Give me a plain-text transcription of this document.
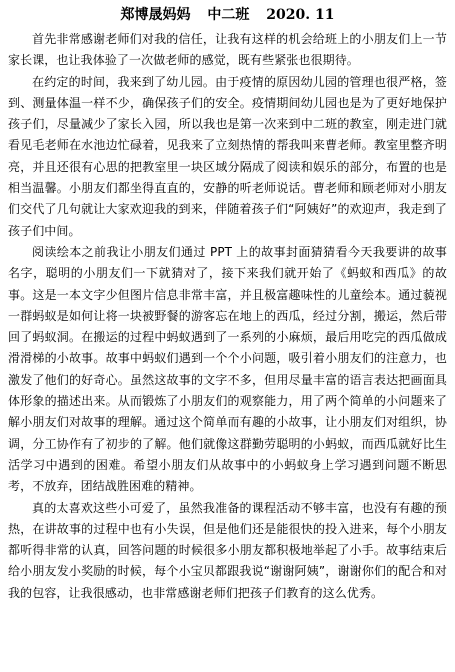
郑博晟妈妈 中二班 2020. 11

首先非常感谢老师们对我的信任，让我有这样的机会给班上的小朋友们上一节家长课，也让我体验了一次做老师的感觉，既有些紧张也很期待。

在约定的时间，我来到了幼儿园。由于疫情的原因幼儿园的管理也很严格，签到、测量体温一样不少，确保孩子们的安全。疫情期间幼儿园也是为了更好地保护孩子们，尽量减少了家长入园，所以我也是第一次来到中二班的教室，刚走进门就看见毛老师在水池边忙碌着，见我来了立刻热情的帮我叫来曹老师。教室里整齐明亮，并且还很有心思的把教室里一块区域分隔成了阅读和娱乐的部分，布置的也是相当温馨。小朋友们都坐得直直的，安静的听老师说话。曹老师和顾老师对小朋友们交代了几句就让大家欢迎我的到来，伴随着孩子们“阿姨好”的欢迎声，我走到了孩子们中间。

阅读绘本之前我让小朋友们通过 PPT 上的故事封面猜猜看今天我要讲的故事名字，聪明的小朋友们一下就猜对了，接下来我们就开始了《蚂蚁和西瓜》的故事。这是一本文字少但图片信息非常丰富，并且极富趣味性的儿童绘本。通过藐视一群蚂蚁是如何让将一块被野餐的游客忘在地上的西瓜，经过分割，搬运，然后带回了蚂蚁洞。在搬运的过程中蚂蚁遇到了一系列的小麻烦，最后用吃完的西瓜做成滑滑梯的小故事。故事中蚂蚁们遇到一个个小问题，吸引着小朋友们的注意力，也激发了他们的好奇心。虽然这故事的文字不多，但用尽量丰富的语言表达把画面具体形象的描述出来。从而锻炼了小朋友们的观察能力，用了两个简单的小问题来了解小朋友们对故事的理解。通过这个简单而有趣的小故事，让小朋友们对组织，协调，分工协作有了初步的了解。他们就像这群勤劳聪明的小蚂蚁，而西瓜就好比生活学习中遇到的困难。希望小朋友们从故事中的小蚂蚁身上学习遇到问题不断思考，不放弃，团结战胜困难的精神。

真的太喜欢这些小可爱了，虽然我准备的课程活动不够丰富，也没有有趣的预热，在讲故事的过程中也有小失误，但是他们还是能很快的投入进来，每个小朋友都听得非常的认真，回答问题的时候很多小朋友都积极地举起了小手。故事结束后给小朋友发小奖励的时候，每个小宝贝都跟我说“谢谢阿姨”，谢谢你们的配合和对我的包容，让我很感动，也非常感谢老师们把孩子们教育的这么优秀。
